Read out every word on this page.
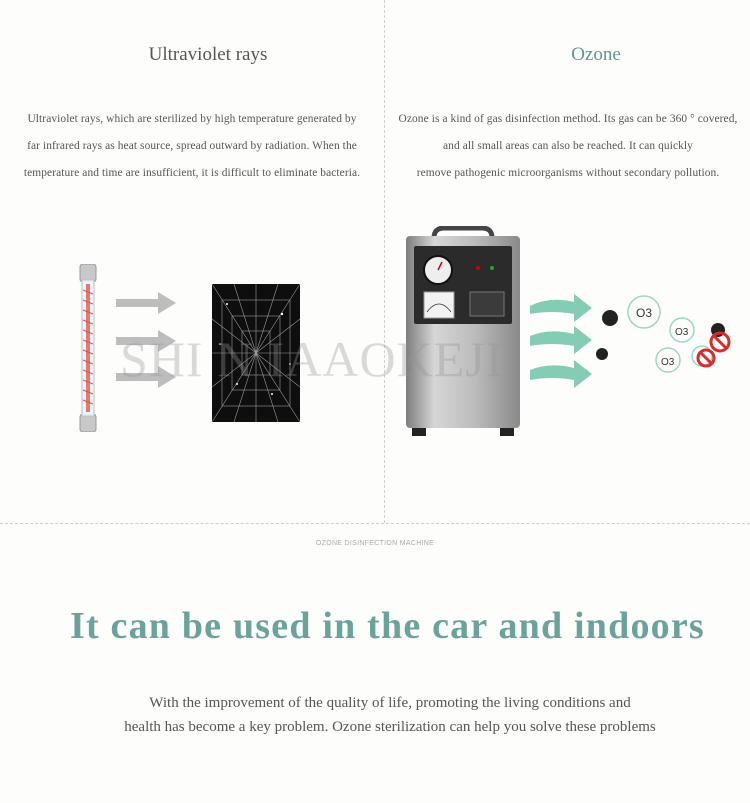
Ultraviolet rays
Ultraviolet rays, which are sterilized by high temperature generated by
far infrared rays as heat source, spread outward by radiation. When the
temperature and time are insufficient, it is difficult to eliminate bacteria.
Ozone
Ozone is a kind of gas disinfection method. Its gas can be 360 ° covered,
and all small areas can also be reached. It can quickly
remove pathogenic microorganisms without secondary pollution.
O3
O3
O3
SHI N IAAOKEJI
OZONE DISINFECTION MACHINE
It can be used in the car and indoors
With the improvement of the quality of life, promoting the living conditions and
health has become a key problem. Ozone sterilization can help you solve these problems
